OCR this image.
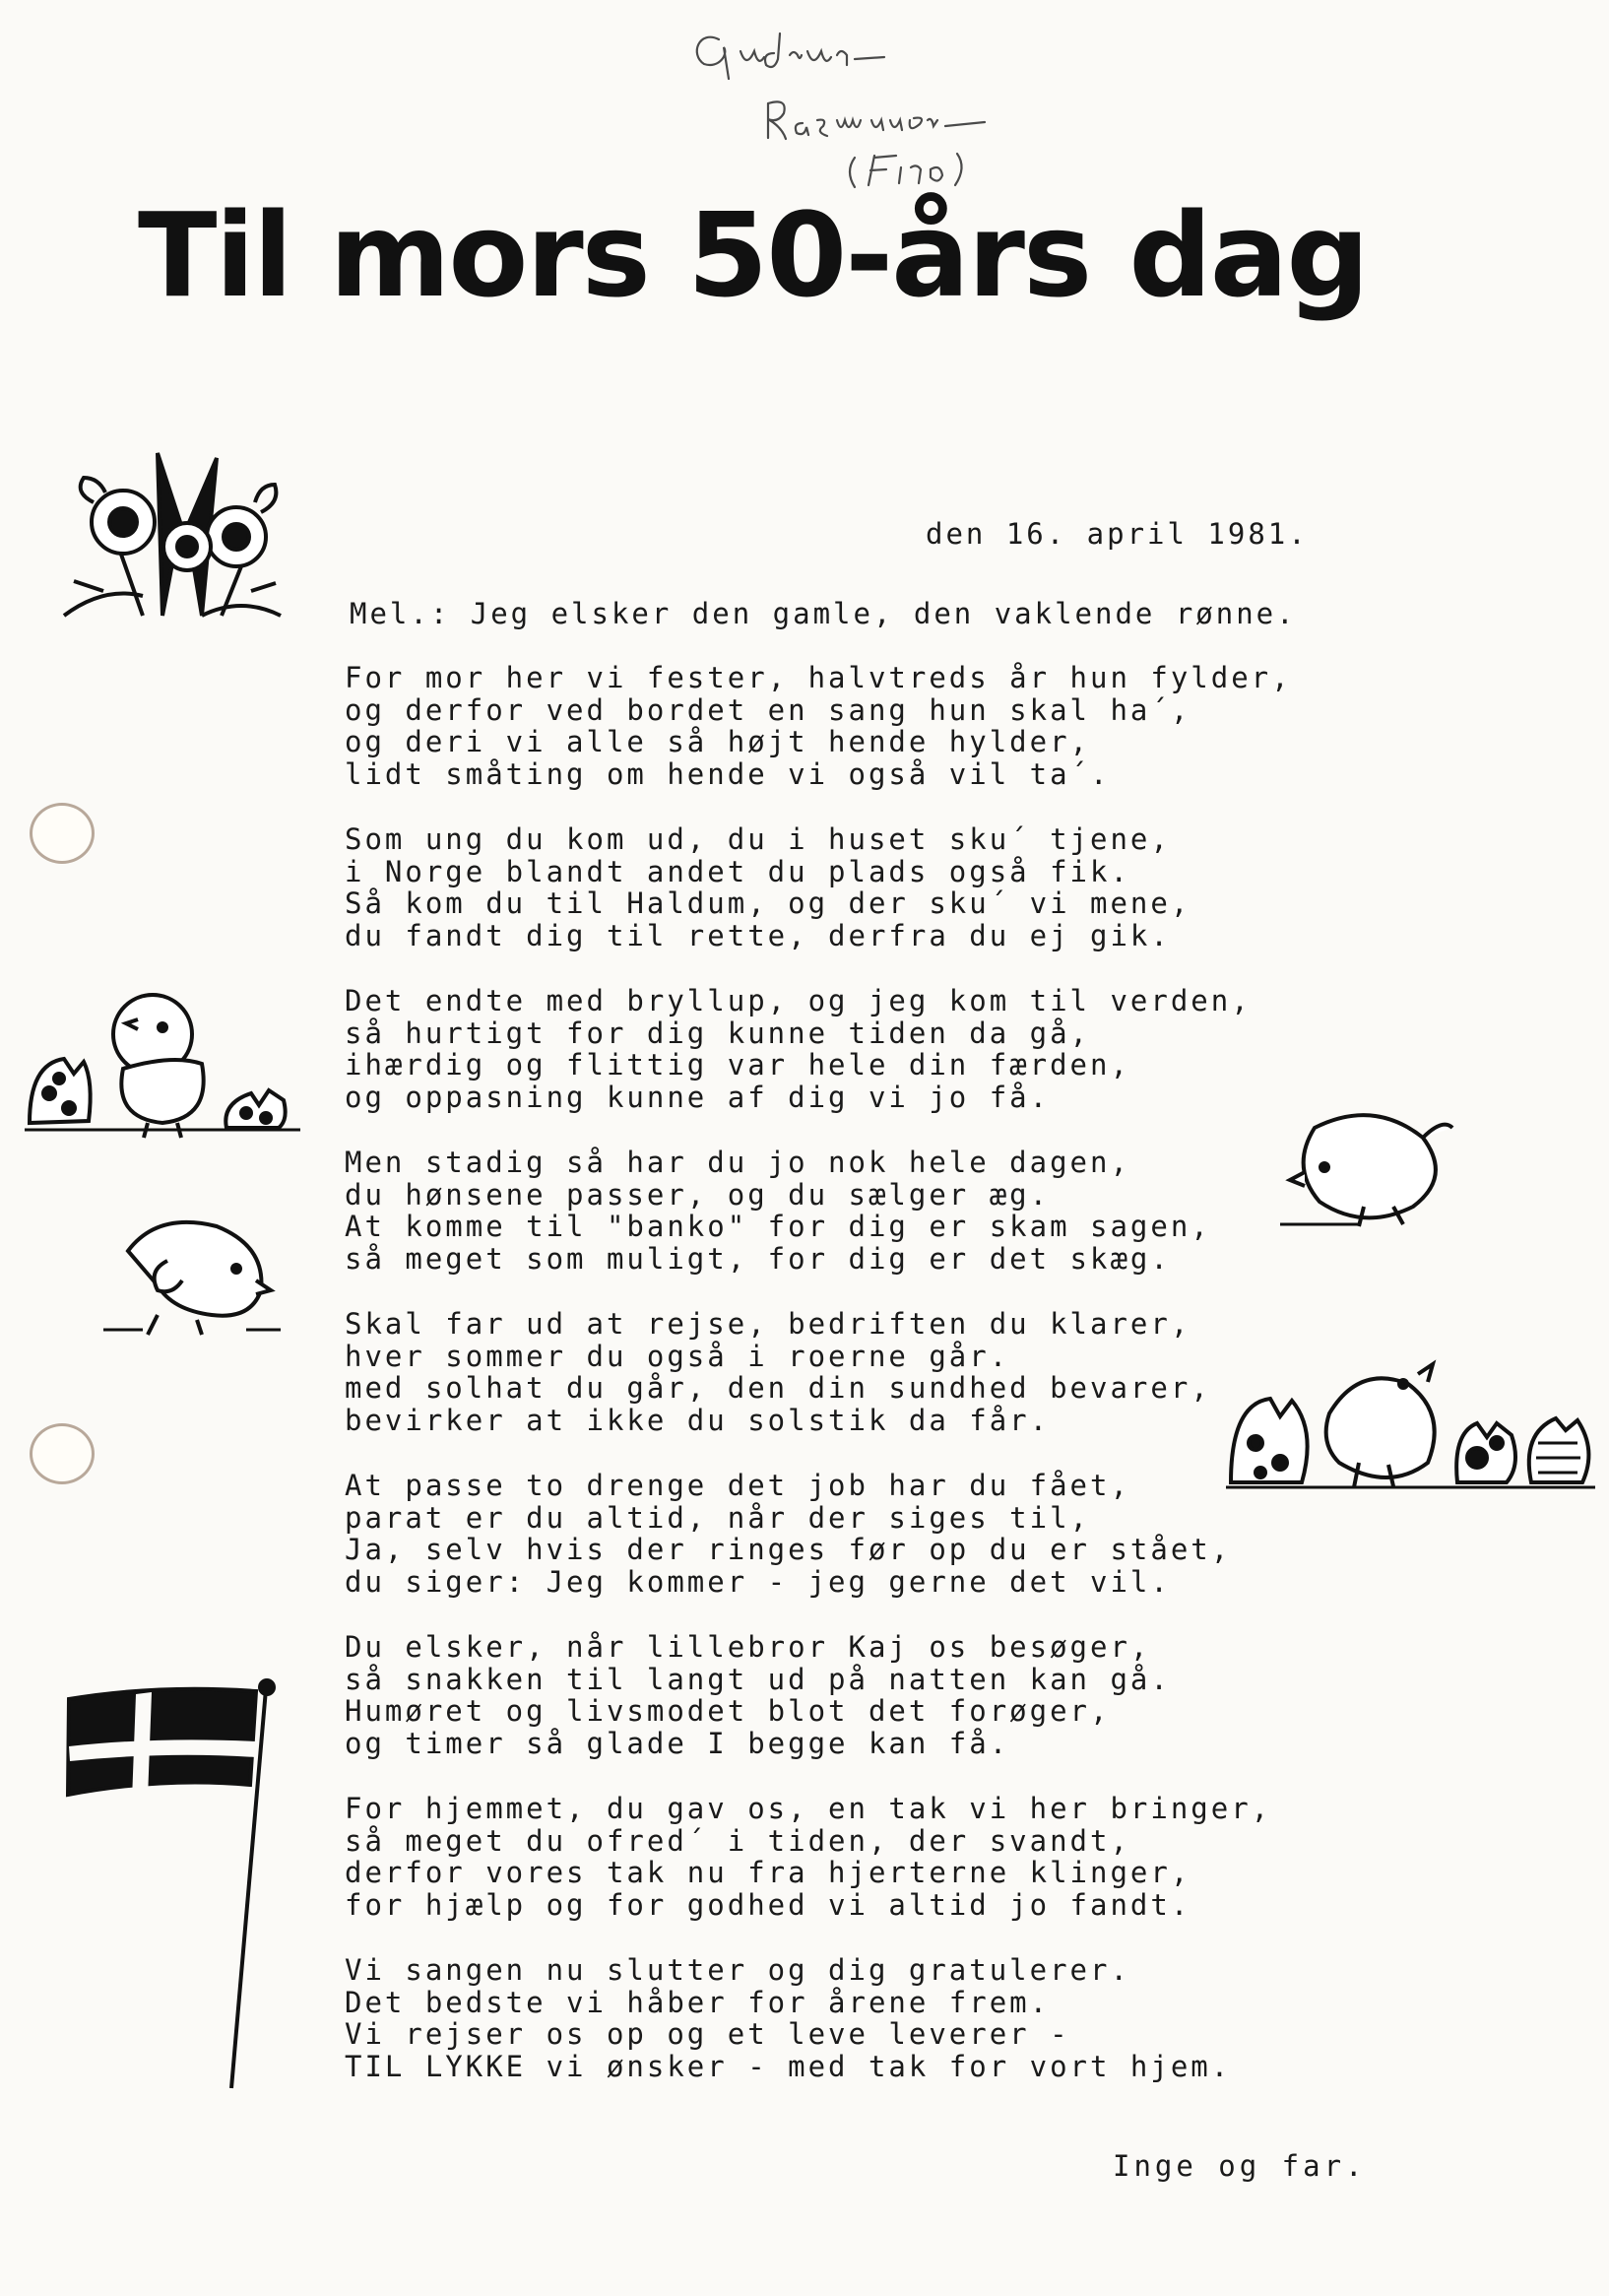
Til mors 50-års dag
den 16. april 1981.
Mel.: Jeg elsker den gamle, den vaklende rønne.
For mor her vi fester, halvtreds år hun fylder,
og derfor ved bordet en sang hun skal ha´,
og deri vi alle så højt hende hylder,
lidt småting om hende vi også vil ta´.
Som ung du kom ud, du i huset sku´ tjene,
i Norge blandt andet du plads også fik.
Så kom du til Haldum, og der sku´ vi mene,
du fandt dig til rette, derfra du ej gik.
Det endte med bryllup, og jeg kom til verden,
så hurtigt for dig kunne tiden da gå,
ihærdig og flittig var hele din færden,
og oppasning kunne af dig vi jo få.
Men stadig så har du jo nok hele dagen,
du hønsene passer, og du sælger æg.
At komme til "banko" for dig er skam sagen,
så meget som muligt, for dig er det skæg.
Skal far ud at rejse, bedriften du klarer,
hver sommer du også i roerne går.
med solhat du går, den din sundhed bevarer,
bevirker at ikke du solstik da får.
At passe to drenge det job har du fået,
parat er du altid, når der siges til,
Ja, selv hvis der ringes før op du er stået,
du siger: Jeg kommer - jeg gerne det vil.
Du elsker, når lillebror Kaj os besøger,
så snakken til langt ud på natten kan gå.
Humøret og livsmodet blot det forøger,
og timer så glade I begge kan få.
For hjemmet, du gav os, en tak vi her bringer,
så meget du ofred´ i tiden, der svandt,
derfor vores tak nu fra hjerterne klinger,
for hjælp og for godhed vi altid jo fandt.
Vi sangen nu slutter og dig gratulerer.
Det bedste vi håber for årene frem.
Vi rejser os op og et leve leverer -
TIL LYKKE vi ønsker - med tak for vort hjem.
Inge og far.
